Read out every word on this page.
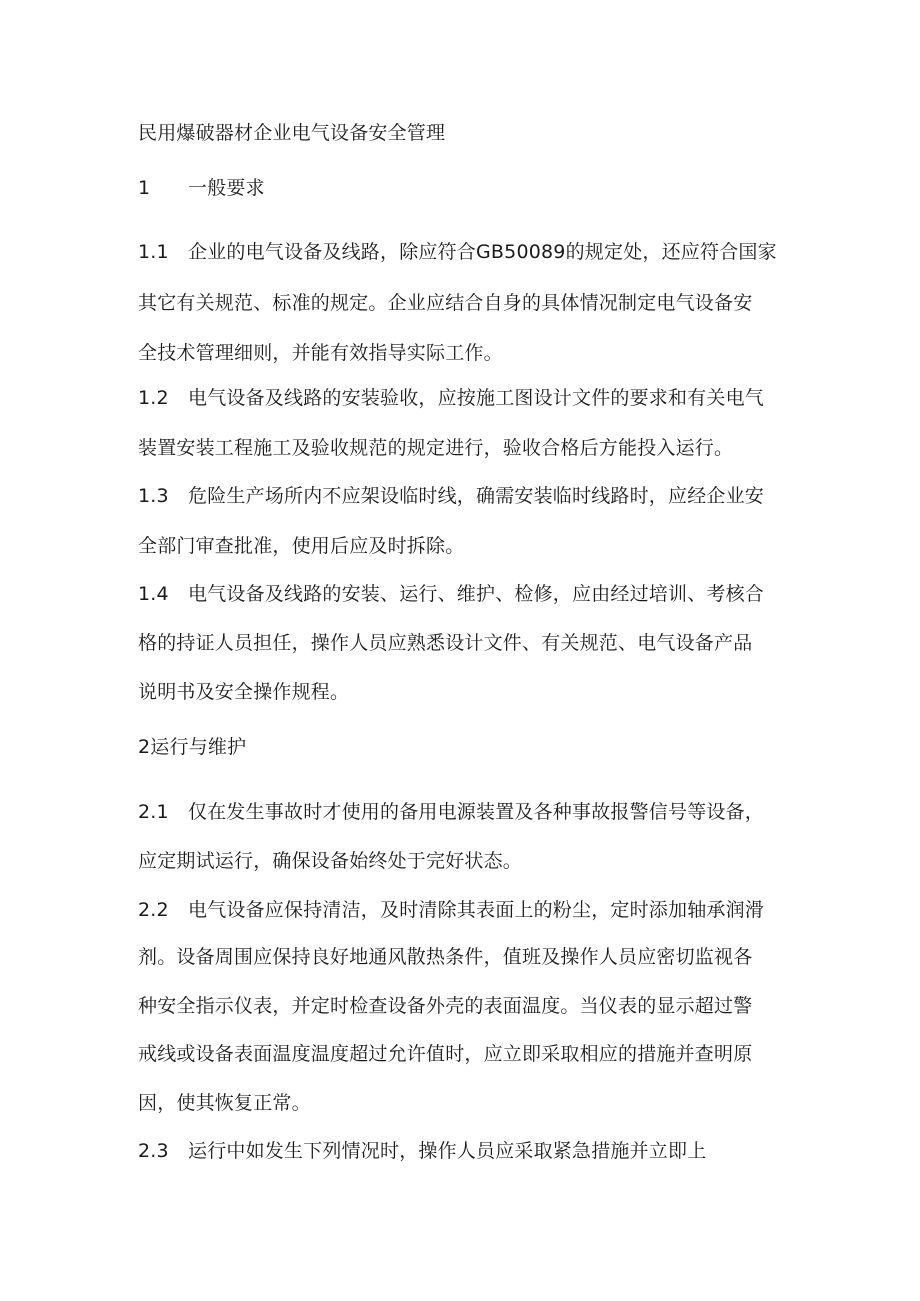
民用爆破器材企业电气设备安全管理
1 一般要求
1.1 企业的电气设备及线路，除应符合GB50089的规定处，还应符合国家
其它有关规范、标准的规定。企业应结合自身的具体情况制定电气设备安
全技术管理细则，并能有效指导实际工作。
1.2 电气设备及线路的安装验收，应按施工图设计文件的要求和有关电气
装置安装工程施工及验收规范的规定进行，验收合格后方能投入运行。
1.3 危险生产场所内不应架设临时线，确需安装临时线路时，应经企业安
全部门审查批准，使用后应及时拆除。
1.4 电气设备及线路的安装、运行、维护、检修，应由经过培训、考核合
格的持证人员担任，操作人员应熟悉设计文件、有关规范、电气设备产品
说明书及安全操作规程。
2运行与维护
2.1 仅在发生事故时才使用的备用电源装置及各种事故报警信号等设备，
应定期试运行，确保设备始终处于完好状态。
2.2 电气设备应保持清洁，及时清除其表面上的粉尘，定时添加轴承润滑
剂。设备周围应保持良好地通风散热条件，值班及操作人员应密切监视各
种安全指示仪表，并定时检查设备外壳的表面温度。当仪表的显示超过警
戒线或设备表面温度温度超过允许值时，应立即采取相应的措施并查明原
因，使其恢复正常。
2.3 运行中如发生下列情况时，操作人员应采取紧急措施并立即上
